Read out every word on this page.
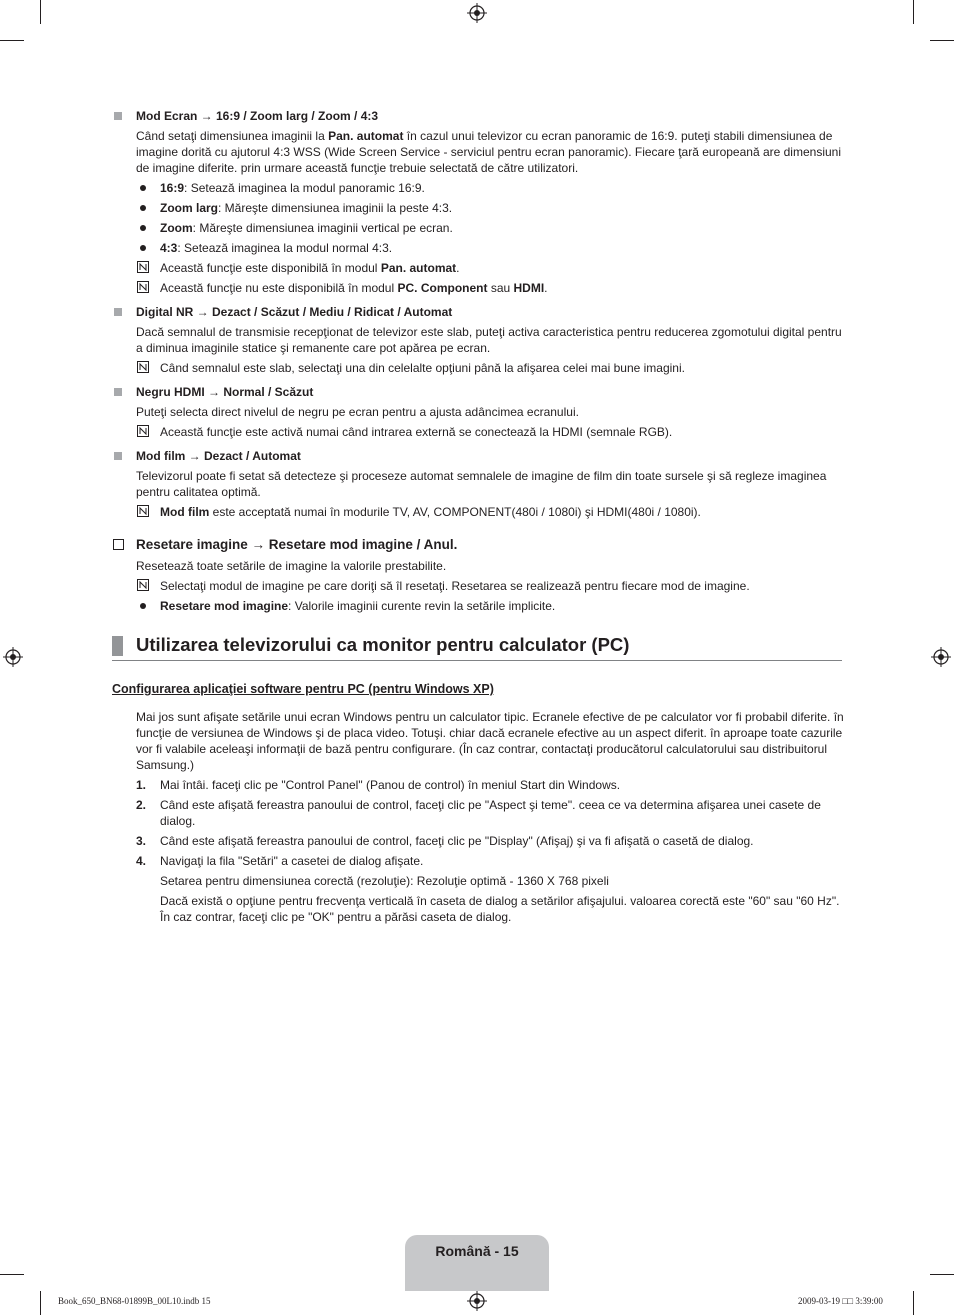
Mod Ecran → 16:9 / Zoom larg / Zoom / 4:3
Când setaţi dimensiunea imaginii la Pan. automat în cazul unui televizor cu ecran panoramic de 16:9. puteţi stabili dimensiunea de imagine dorită cu ajutorul 4:3 WSS (Wide Screen Service - serviciul pentru ecran panoramic). Fiecare ţară europeană are dimensiuni de imagine diferite. prin urmare această funcţie trebuie selectată de către utilizatori.
16:9: Setează imaginea la modul panoramic 16:9.
Zoom larg: Măreşte dimensiunea imaginii la peste 4:3.
Zoom: Măreşte dimensiunea imaginii vertical pe ecran.
4:3: Setează imaginea la modul normal 4:3.
Această funcţie este disponibilă în modul Pan. automat.
Această funcţie nu este disponibilă în modul PC. Component sau HDMI.
Digital NR → Dezact / Scăzut / Mediu / Ridicat / Automat
Dacă semnalul de transmisie recepţionat de televizor este slab, puteţi activa caracteristica pentru reducerea zgomotului digital pentru a diminua imaginile statice şi remanente care pot apărea pe ecran.
Când semnalul este slab, selectaţi una din celelalte opţiuni până la afişarea celei mai bune imagini.
Negru HDMI → Normal / Scăzut
Puteţi selecta direct nivelul de negru pe ecran pentru a ajusta adâncimea ecranului.
Această funcţie este activă numai când intrarea externă se conectează la HDMI (semnale RGB).
Mod film → Dezact / Automat
Televizorul poate fi setat să detecteze şi proceseze automat semnalele de imagine de film din toate sursele şi să regleze imaginea pentru calitatea optimă.
Mod film este acceptată numai în modurile TV, AV, COMPONENT(480i / 1080i) şi HDMI(480i / 1080i).
Resetare imagine → Resetare mod imagine / Anul.
Resetează toate setările de imagine la valorile prestabilite.
Selectaţi modul de imagine pe care doriţi să îl resetaţi. Resetarea se realizează pentru fiecare mod de imagine.
Resetare mod imagine: Valorile imaginii curente revin la setările implicite.
Utilizarea televizorului ca monitor pentru calculator (PC)
Configurarea aplicaţiei software pentru PC (pentru Windows XP)
Mai jos sunt afişate setările unui ecran Windows pentru un calculator tipic. Ecranele efective de pe calculator vor fi probabil diferite. în funcţie de versiunea de Windows şi de placa video. Totuşi. chiar dacă ecranele efective au un aspect diferit. în aproape toate cazurile vor fi valabile aceleaşi informaţii de bază pentru configurare. (În caz contrar, contactaţi producătorul calculatorului sau distribuitorul Samsung.)
1. Mai întâi. faceţi clic pe "Control Panel" (Panou de control) în meniul Start din Windows.
2. Când este afişată fereastra panoului de control, faceţi clic pe "Aspect şi teme". ceea ce va determina afişarea unei casete de dialog.
3. Când este afişată fereastra panoului de control, faceţi clic pe "Display" (Afişaj) şi va fi afişată o casetă de dialog.
4. Navigaţi la fila "Setări" a casetei de dialog afişate.
Setarea pentru dimensiunea corectă (rezoluţie): Rezoluţie optimă - 1360 X 768 pixeli
Dacă există o opţiune pentru frecvenţa verticală în caseta de dialog a setărilor afişajului. valoarea corectă este "60" sau "60 Hz". În caz contrar, faceţi clic pe "OK" pentru a părăsi caseta de dialog.
Română - 15
Book_650_BN68-01899B_00L10.indb 15	2009-03-19 □□ 3:39:00
